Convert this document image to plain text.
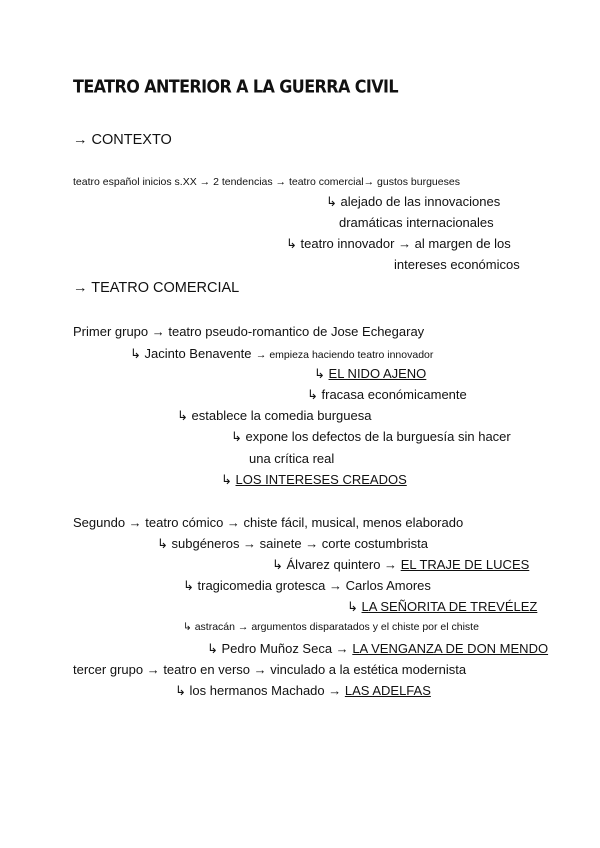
TEATRO ANTERIOR A LA GUERRA CIVIL
→ CONTEXTO
teatro español inicios s.XX → 2 tendencias → teatro comercial→ gustos burgueses
↳ alejado de las innovaciones
dramáticas internacionales
↳ teatro innovador → al margen de los
intereses económicos
→ TEATRO COMERCIAL
Primer grupo → teatro pseudo-romantico de Jose Echegaray
↳ Jacinto Benavente → empieza haciendo teatro innovador
↳ EL NIDO AJENO
↳ fracasa económicamente
↳ establece la comedia burguesa
↳ expone los defectos de la burguesía sin hacer
una crítica real
↳ LOS INTERESES CREADOS
Segundo → teatro cómico → chiste fácil, musical, menos elaborado
↳ subgéneros → sainete → corte costumbrista
↳ Álvarez quintero → EL TRAJE DE LUCES
↳ tragicomedia grotesca → Carlos Amores
↳ LA SEÑORITA DE TREVÉLEZ
↳ astracán → argumentos disparatados y el chiste por el chiste
↳ Pedro Muñoz Seca → LA VENGANZA DE DON MENDO
tercer grupo → teatro en verso → vinculado a la estética modernista
↳ los hermanos Machado → LAS ADELFAS
